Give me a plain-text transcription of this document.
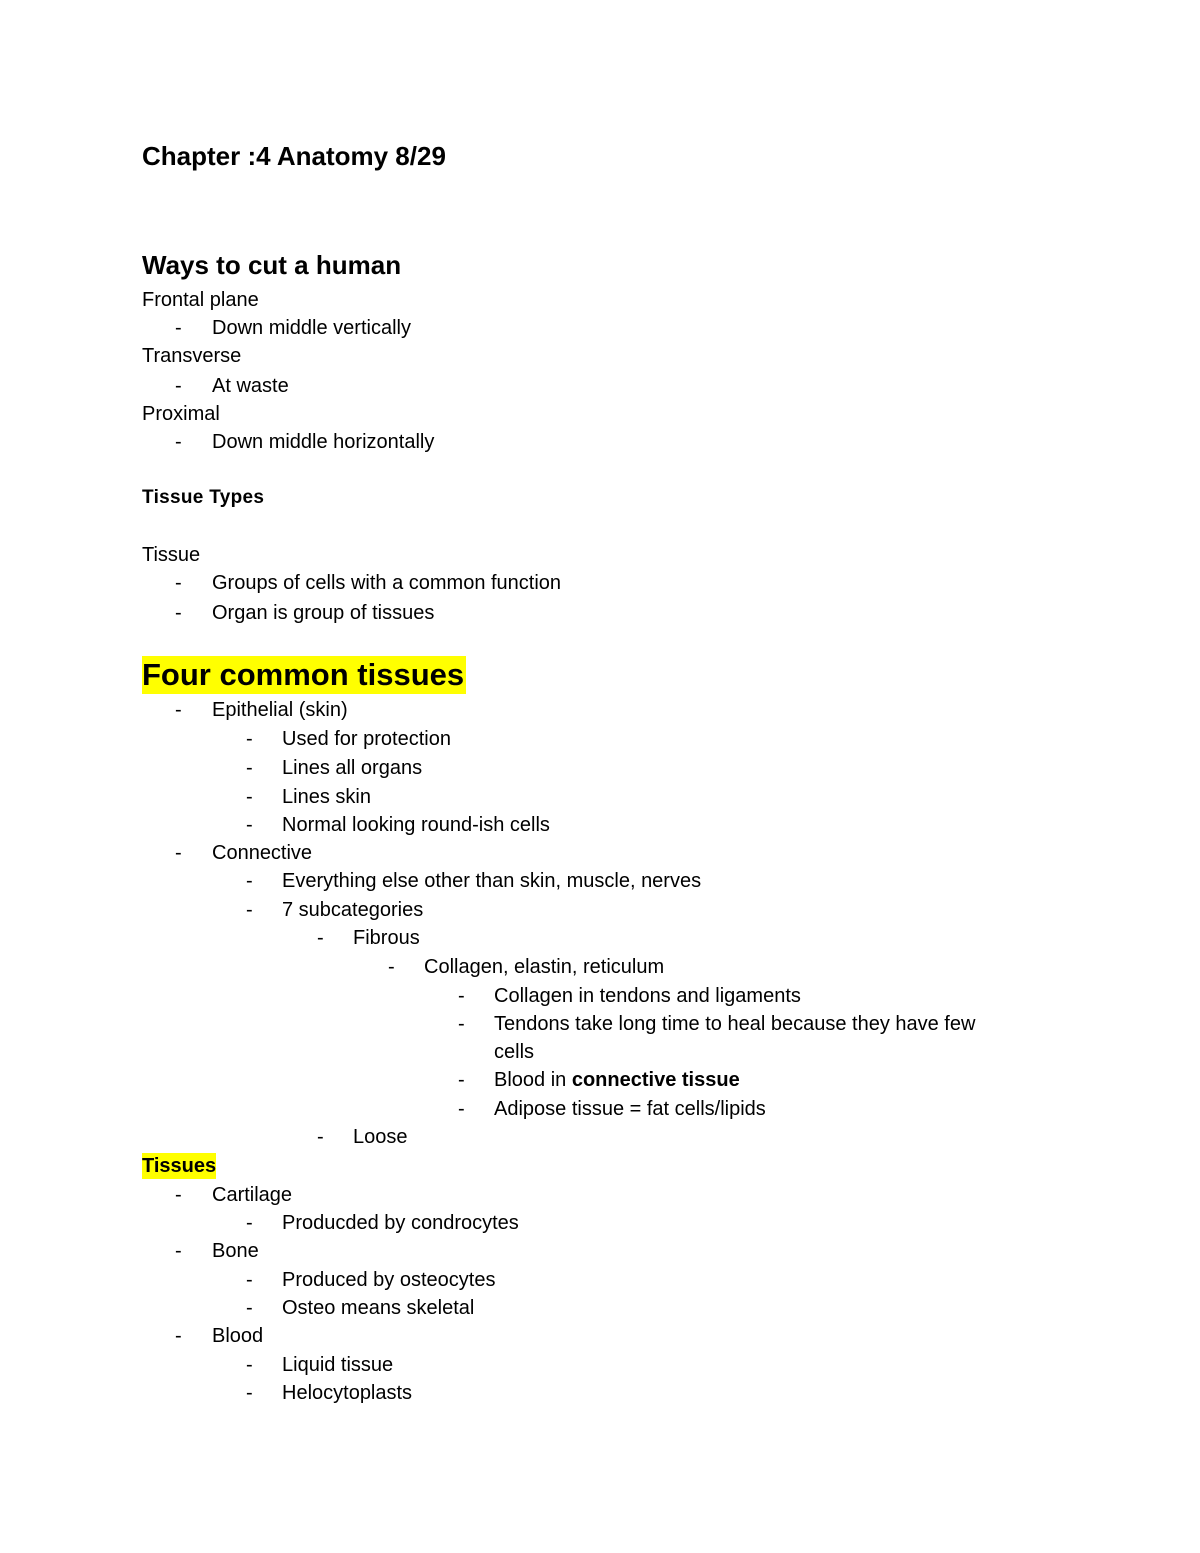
Chapter :4 Anatomy 8/29
Ways to cut a human
Frontal plane
- Down middle vertically
Transverse
- At waste
Proximal
- Down middle horizontally
Tissue Types
Tissue
- Groups of cells with a common function
- Organ is group of tissues
Four common tissues
- Epithelial (skin)
- Used for protection
- Lines all organs
- Lines skin
- Normal looking round-ish cells
- Connective
- Everything else other than skin, muscle, nerves
- 7 subcategories
- Fibrous
- Collagen, elastin, reticulum
- Collagen in tendons and ligaments
- Tendons take long time to heal because they have few
cells
- Blood in connective tissue
- Adipose tissue = fat cells/lipids
- Loose
Tissues
- Cartilage
- Producded by condrocytes
- Bone
- Produced by osteocytes
- Osteo means skeletal
- Blood
- Liquid tissue
- Helocytoplasts
